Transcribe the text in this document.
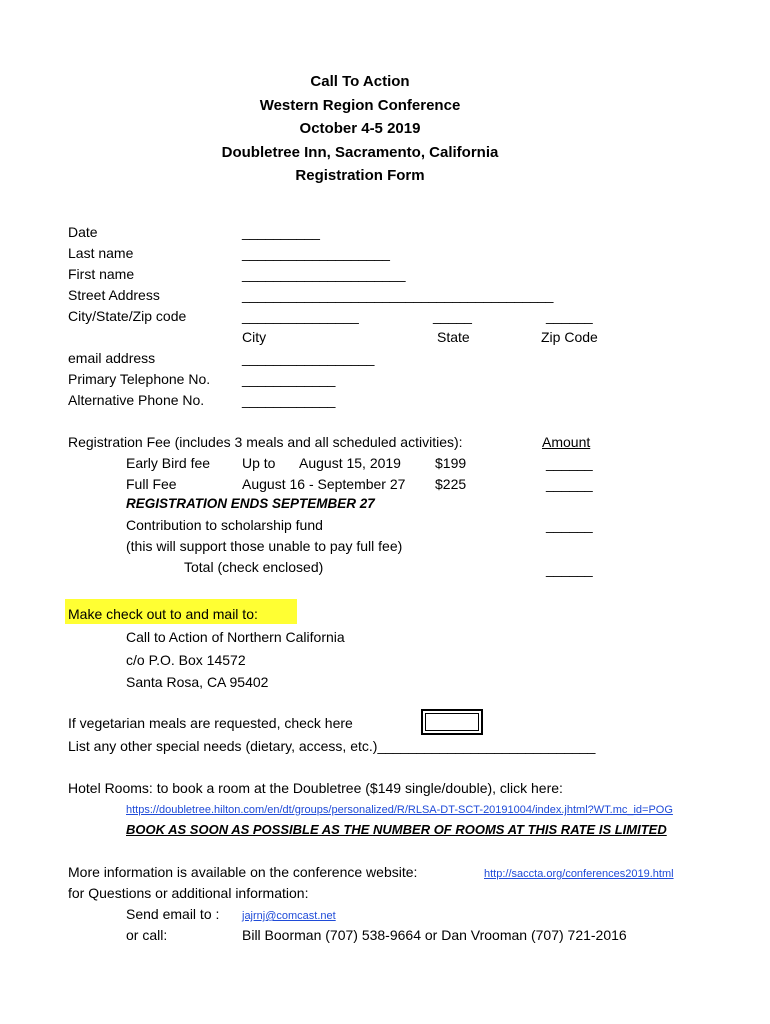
Call To Action
Western Region Conference
October 4-5 2019
Doubletree Inn, Sacramento, California
Registration Form
Date	__________
Last name	___________________
First name	_____________________
Street Address	________________________________________
City/State/Zip code	_______________	_____	______
City	State	Zip Code
email address	_________________
Primary Telephone No. ____________
Alternative Phone No.	____________
Registration Fee (includes 3 meals and all scheduled activities):	Amount
Early Bird fee Up to August 15, 2019 $199	______
Full Fee	August 16 - September 27 $225	______
REGISTRATION ENDS SEPTEMBER 27
Contribution to scholarship fund	______
(this will support those unable to pay full fee)
Total (check enclosed)	______
Make check out to and mail to:
Call to Action of Northern California
c/o P.O. Box 14572
Santa Rosa, CA 95402
If vegetarian meals are requested, check here
List any other special needs (dietary, access, etc.)____________________________
Hotel Rooms: to book a room at the Doubletree ($149 single/double), click here:
https://doubletree.hilton.com/en/dt/groups/personalized/R/RLSA-DT-SCT-20191004/index.jhtml?WT.mc_id=POG
BOOK AS SOON AS POSSIBLE AS THE NUMBER OF ROOMS AT THIS RATE IS LIMITED
More information is available on the conference website:	http://saccta.org/conferences2019.html
for Questions or additional information:
Send email to : jajrnj@comcast.net
or call:	Bill Boorman (707) 538-9664 or Dan Vrooman (707) 721-2016
